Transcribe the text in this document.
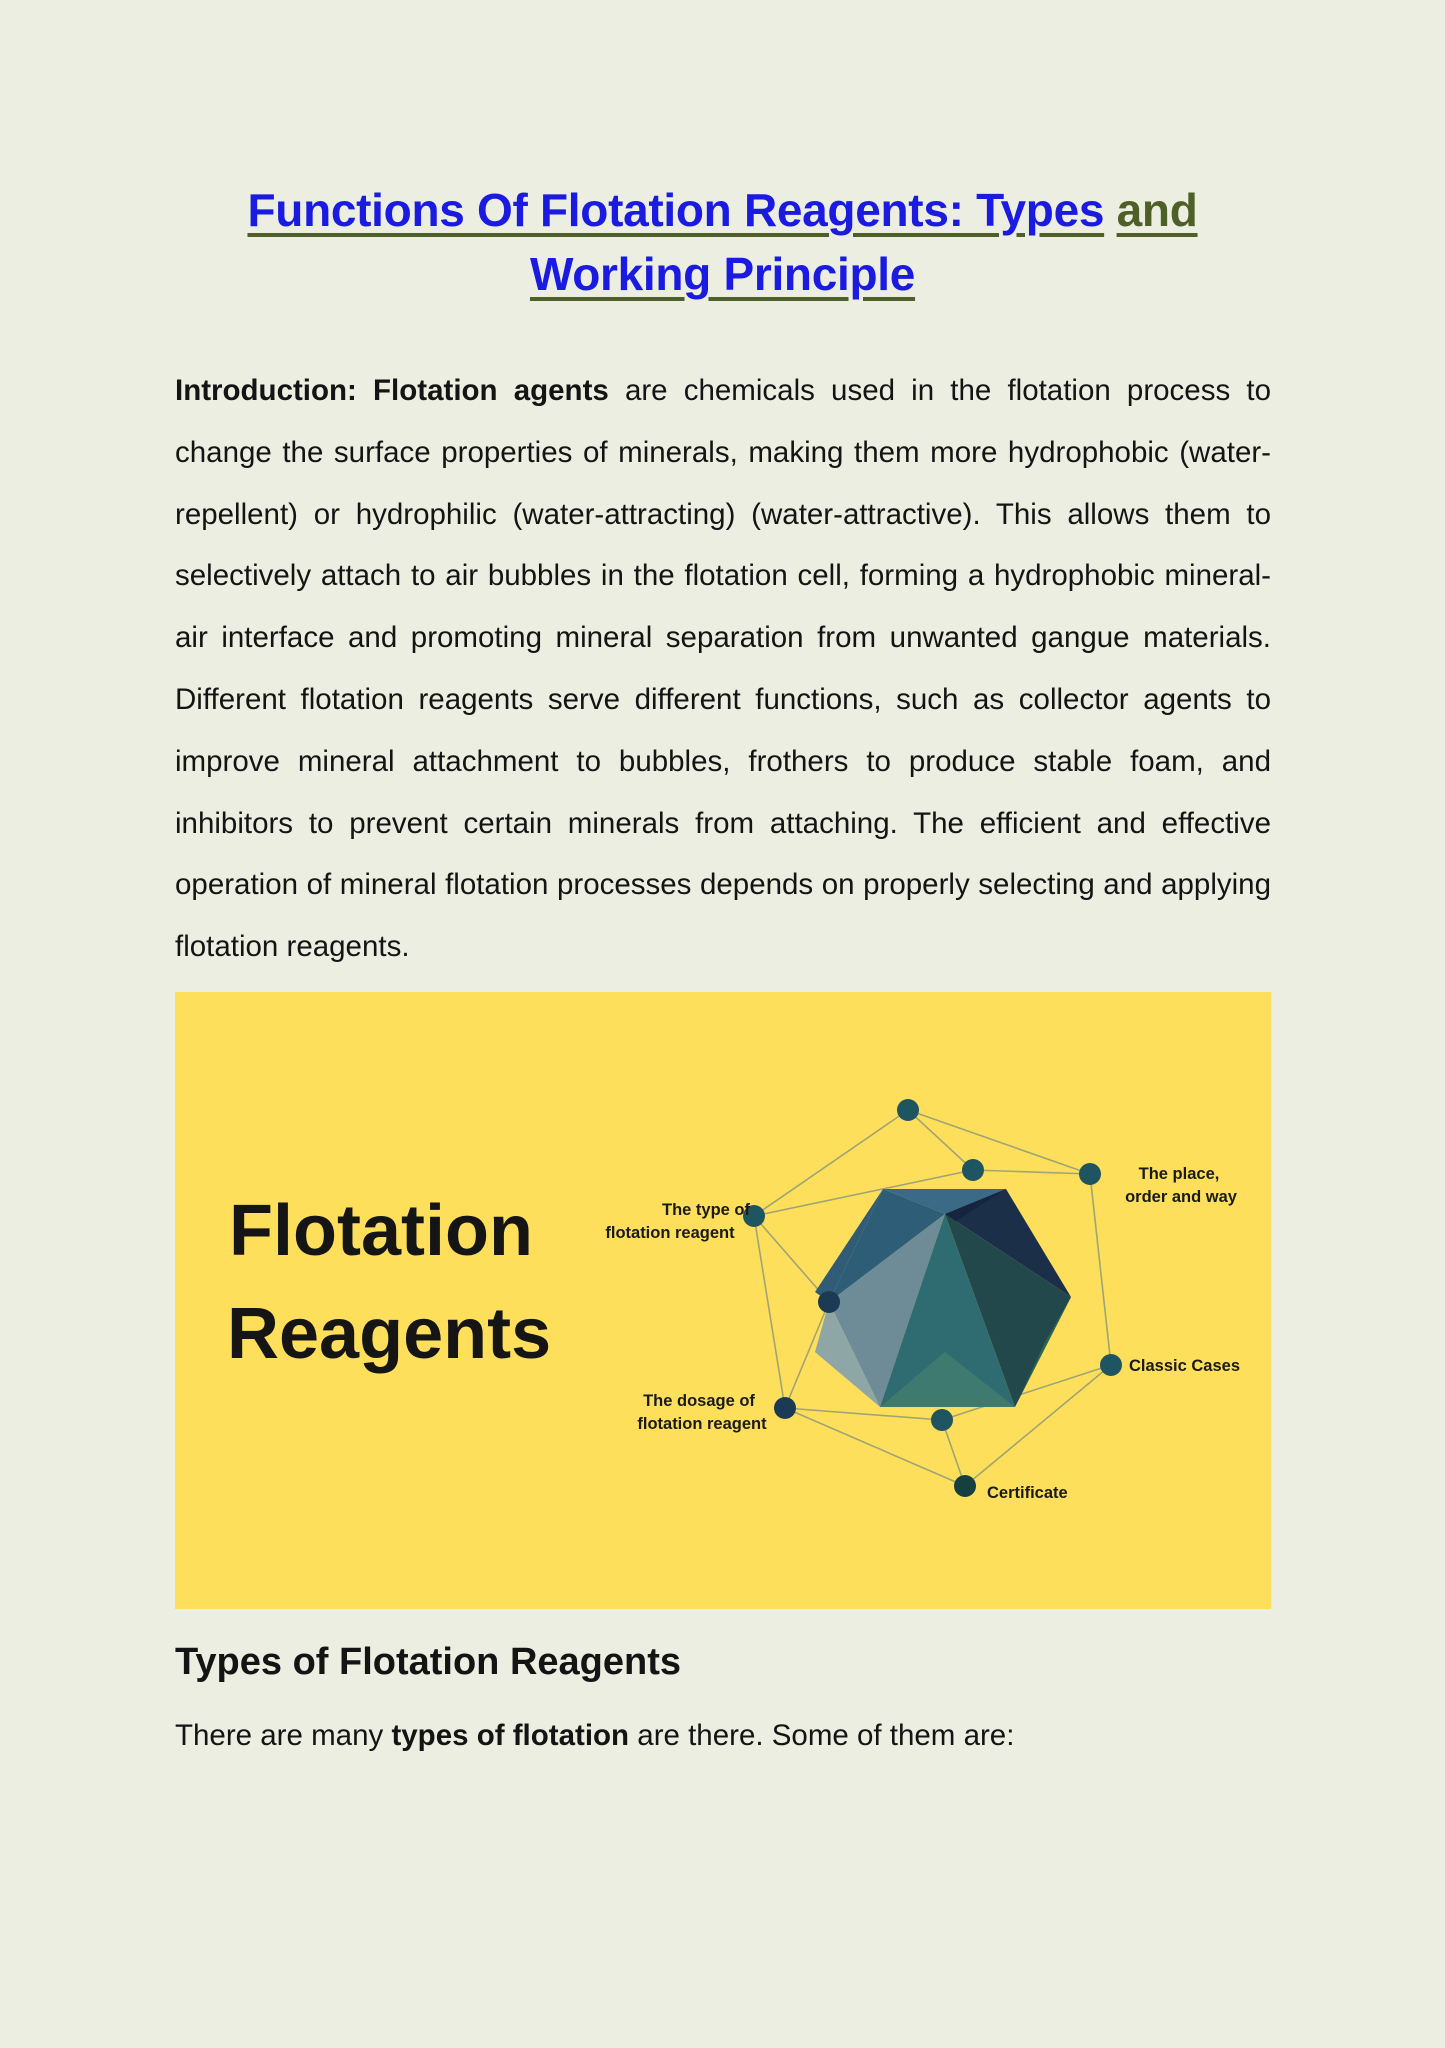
Functions Of Flotation Reagents: Types and
Working Principle

Introduction: Flotation agents are chemicals used in the flotation process to change the surface properties of minerals, making them more hydrophobic (water-repellent) or hydrophilic (water-attracting) (water-attractive). This allows them to selectively attach to air bubbles in the flotation cell, forming a hydrophobic mineral-air interface and promoting mineral separation from unwanted gangue materials. Different flotation reagents serve different functions, such as collector agents to improve mineral attachment to bubbles, frothers to produce stable foam, and inhibitors to prevent certain minerals from attaching. The efficient and effective operation of mineral flotation processes depends on properly selecting and applying flotation reagents.

Flotation
Reagents
The type of
flotation reagent
The place,
order and way
Classic Cases
The dosage of
flotation reagent
Certificate
Types of Flotation Reagents

There are many types of flotation are there. Some of them are:
